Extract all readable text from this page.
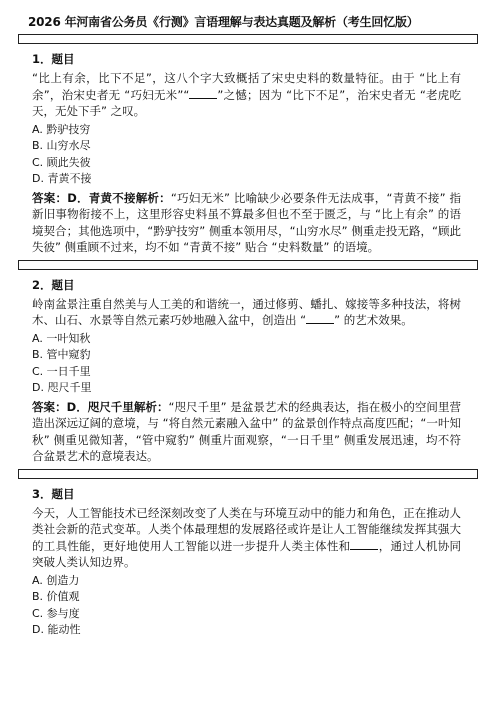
2026 年河南省公务员《行测》言语理解与表达真题及解析（考生回忆版）
1．题目

“比上有余，比下不足”，这八个字大致概括了宋史史料的数量特征。由于 “比上有余”，治宋史者无 “巧妇无米”“ ”之憾；因为 “比下不足”，治宋史者无 “老虎吃天，无处下手” 之叹。

A. 黔驴技穷

B. 山穷水尽

C. 顾此失彼

D. 青黄不接

答案：D．青黄不接解析：“巧妇无米” 比喻缺少必要条件无法成事，“青黄不接” 指新旧事物衔接不上，这里形容史料虽不算最多但也不至于匮乏，与 “比上有余” 的语境契合；其他选项中，“黔驴技穷” 侧重本领用尽，“山穷水尽” 侧重走投无路，“顾此失彼” 侧重顾不过来，均不如 “青黄不接” 贴合 “史料数量” 的语境。

2．题目

岭南盆景注重自然美与人工美的和谐统一，通过修剪、蟠扎、嫁接等多种技法，将树木、山石、水景等自然元素巧妙地融入盆中，创造出 “ ” 的艺术效果。

A. 一叶知秋

B. 管中窥豹

C. 一日千里

D. 咫尺千里

答案：D．咫尺千里解析：“咫尺千里” 是盆景艺术的经典表达，指在极小的空间里营造出深远辽阔的意境，与 “将自然元素融入盆中” 的盆景创作特点高度匹配；“一叶知秋” 侧重见微知著，“管中窥豹” 侧重片面观察，“一日千里” 侧重发展迅速，均不符合盆景艺术的意境表达。

3．题目

今天，人工智能技术已经深刻改变了人类在与环境互动中的能力和角色，正在推动人类社会新的范式变革。人类个体最理想的发展路径或许是让人工智能继续发挥其强大的工具性能，更好地使用人工智能以进一步提升人类主体性和 ，通过人机协同突破人类认知边界。

A. 创造力

B. 价值观

C. 参与度

D. 能动性
